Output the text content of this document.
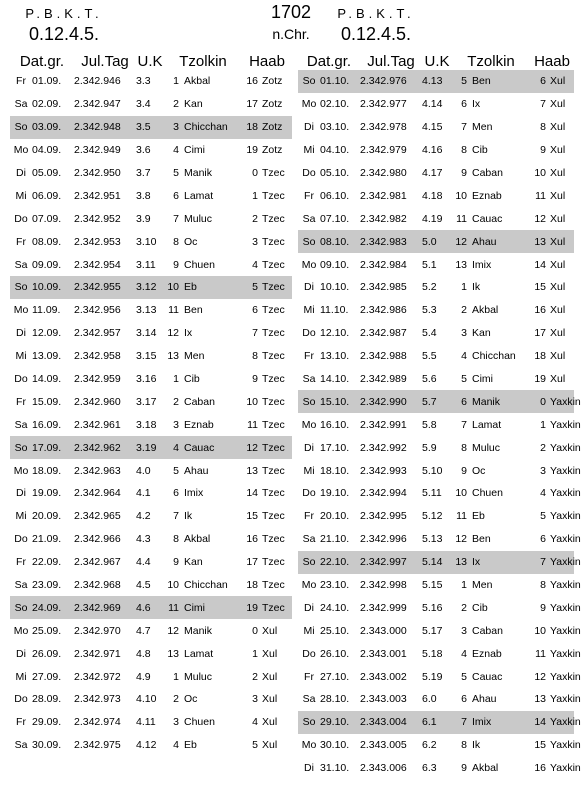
P.B.K.T.
0.12.4.5.
1702
n.Chr.
P.B.K.T.
0.12.4.5.
Dat.gr.	Jul.Tag U.K	Tzolkin	Haab
Fr 01.09.	2.342.946	3.3	1 Akbal	16 Zotz
Sa 02.09.	2.342.947	3.4	2 Kan	17 Zotz
So 03.09.	2.342.948	3.5	3 Chicchan	18 Zotz
Mo 04.09.	2.342.949	3.6	4 Cimi	19 Zotz
Di 05.09.	2.342.950	3.7	5 Manik	0 Tzec
Mi 06.09.	2.342.951	3.8	6 Lamat	1 Tzec
Do 07.09.	2.342.952	3.9	7 Muluc	2 Tzec
Fr 08.09.	2.342.953	3.10	8 Oc	3 Tzec
Sa 09.09.	2.342.954	3.11	9 Chuen	4 Tzec
So 10.09.	2.342.955	3.12	10 Eb	5 Tzec
Mo 11.09.	2.342.956	3.13	11 Ben	6 Tzec
Di 12.09.	2.342.957	3.14	12 Ix	7 Tzec
Mi 13.09.	2.342.958	3.15	13 Men	8 Tzec
Do 14.09.	2.342.959	3.16	1 Cib	9 Tzec
Fr 15.09.	2.342.960	3.17	2 Caban	10 Tzec
Sa 16.09.	2.342.961	3.18	3 Eznab	11 Tzec
So 17.09.	2.342.962	3.19	4 Cauac	12 Tzec
Mo 18.09.	2.342.963	4.0	5 Ahau	13 Tzec
Di 19.09.	2.342.964	4.1	6 Imix	14 Tzec
Mi 20.09.	2.342.965	4.2	7 Ik	15 Tzec
Do 21.09.	2.342.966	4.3	8 Akbal	16 Tzec
Fr 22.09.	2.342.967	4.4	9 Kan	17 Tzec
Sa 23.09.	2.342.968	4.5	10 Chicchan	18 Tzec
So 24.09.	2.342.969	4.6	11 Cimi	19 Tzec
Mo 25.09.	2.342.970	4.7	12 Manik	0 Xul
Di 26.09.	2.342.971	4.8	13 Lamat	1 Xul
Mi 27.09.	2.342.972	4.9	1 Muluc	2 Xul
Do 28.09.	2.342.973	4.10	2 Oc	3 Xul
Fr 29.09.	2.342.974	4.11	3 Chuen	4 Xul
Sa 30.09.	2.342.975	4.12	4 Eb	5 Xul
Dat.gr.	Jul.Tag U.K	Tzolkin	Haab
So 01.10.	2.342.976	4.13	5 Ben	6 Xul
Mo 02.10.	2.342.977	4.14	6 Ix	7 Xul
Di 03.10.	2.342.978	4.15	7 Men	8 Xul
Mi 04.10.	2.342.979	4.16	8 Cib	9 Xul
Do 05.10.	2.342.980	4.17	9 Caban	10 Xul
Fr 06.10.	2.342.981	4.18	10 Eznab	11 Xul
Sa 07.10.	2.342.982	4.19	11 Cauac	12 Xul
So 08.10.	2.342.983	5.0	12 Ahau	13 Xul
Mo 09.10.	2.342.984	5.1	13 Imix	14 Xul
Di 10.10.	2.342.985	5.2	1 Ik	15 Xul
Mi 11.10.	2.342.986	5.3	2 Akbal	16 Xul
Do 12.10.	2.342.987	5.4	3 Kan	17 Xul
Fr 13.10.	2.342.988	5.5	4 Chicchan	18 Xul
Sa 14.10.	2.342.989	5.6	5 Cimi	19 Xul
So 15.10.	2.342.990	5.7	6 Manik	0 Yaxkin
Mo 16.10.	2.342.991	5.8	7 Lamat	1 Yaxkin
Di 17.10.	2.342.992	5.9	8 Muluc	2 Yaxkin
Mi 18.10.	2.342.993	5.10	9 Oc	3 Yaxkin
Do 19.10.	2.342.994	5.11	10 Chuen	4 Yaxkin
Fr 20.10.	2.342.995	5.12	11 Eb	5 Yaxkin
Sa 21.10.	2.342.996	5.13	12 Ben	6 Yaxkin
So 22.10.	2.342.997	5.14	13 Ix	7 Yaxkin
Mo 23.10.	2.342.998	5.15	1 Men	8 Yaxkin
Di 24.10.	2.342.999	5.16	2 Cib	9 Yaxkin
Mi 25.10.	2.343.000	5.17	3 Caban	10 Yaxkin
Do 26.10.	2.343.001	5.18	4 Eznab	11 Yaxkin
Fr 27.10.	2.343.002	5.19	5 Cauac	12 Yaxkin
Sa 28.10.	2.343.003	6.0	6 Ahau	13 Yaxkin
So 29.10.	2.343.004	6.1	7 Imix	14 Yaxkin
Mo 30.10.	2.343.005	6.2	8 Ik	15 Yaxkin
Di 31.10.	2.343.006	6.3	9 Akbal	16 Yaxkin
